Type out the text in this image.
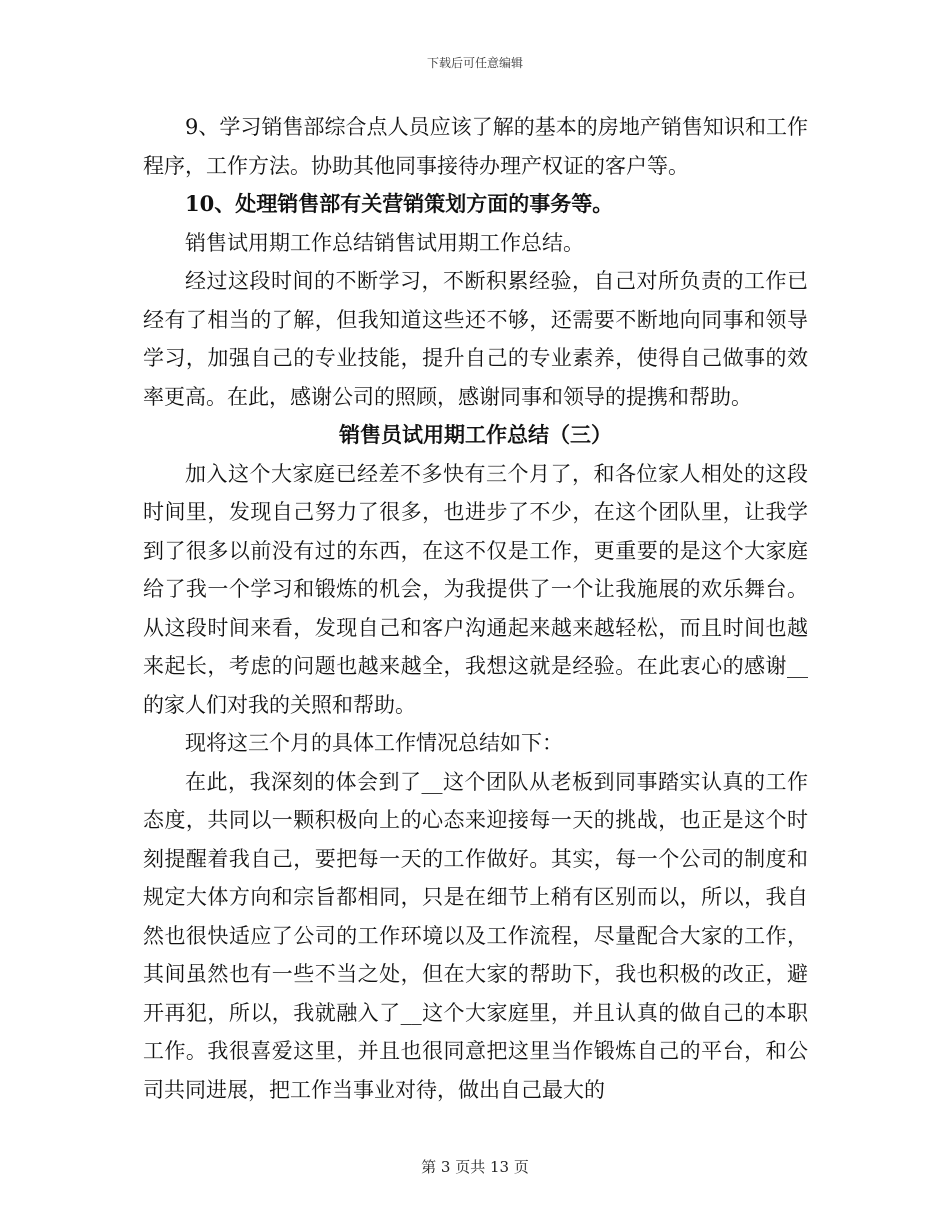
下载后可任意编辑

9、学习销售部综合点人员应该了解的基本的房地产销售知识和工作程序，工作方法。协助其他同事接待办理产权证的客户等。

10、处理销售部有关营销策划方面的事务等。

销售试用期工作总结销售试用期工作总结。

经过这段时间的不断学习，不断积累经验，自己对所负责的工作已经有了相当的了解，但我知道这些还不够，还需要不断地向同事和领导学习，加强自己的专业技能，提升自己的专业素养，使得自己做事的效率更高。在此，感谢公司的照顾，感谢同事和领导的提携和帮助。

销售员试用期工作总结（三）

加入这个大家庭已经差不多快有三个月了，和各位家人相处的这段时间里，发现自己努力了很多，也进步了不少，在这个团队里，让我学到了很多以前没有过的东西，在这不仅是工作，更重要的是这个大家庭给了我一个学习和锻炼的机会，为我提供了一个让我施展的欢乐舞台。从这段时间来看，发现自己和客户沟通起来越来越轻松，而且时间也越来起长，考虑的问题也越来越全，我想这就是经验。在此衷心的感谢__的家人们对我的关照和帮助。

现将这三个月的具体工作情况总结如下：

在此，我深刻的体会到了__这个团队从老板到同事踏实认真的工作态度，共同以一颗积极向上的心态来迎接每一天的挑战，也正是这个时刻提醒着我自己，要把每一天的工作做好。其实，每一个公司的制度和规定大体方向和宗旨都相同，只是在细节上稍有区别而以，所以，我自然也很快适应了公司的工作环境以及工作流程，尽量配合大家的工作，其间虽然也有一些不当之处，但在大家的帮助下，我也积极的改正，避开再犯，所以，我就融入了__这个大家庭里，并且认真的做自己的本职工作。我很喜爱这里，并且也很同意把这里当作锻炼自己的平台，和公司共同进展，把工作当事业对待，做出自己最大的

第 3 页共 13 页
